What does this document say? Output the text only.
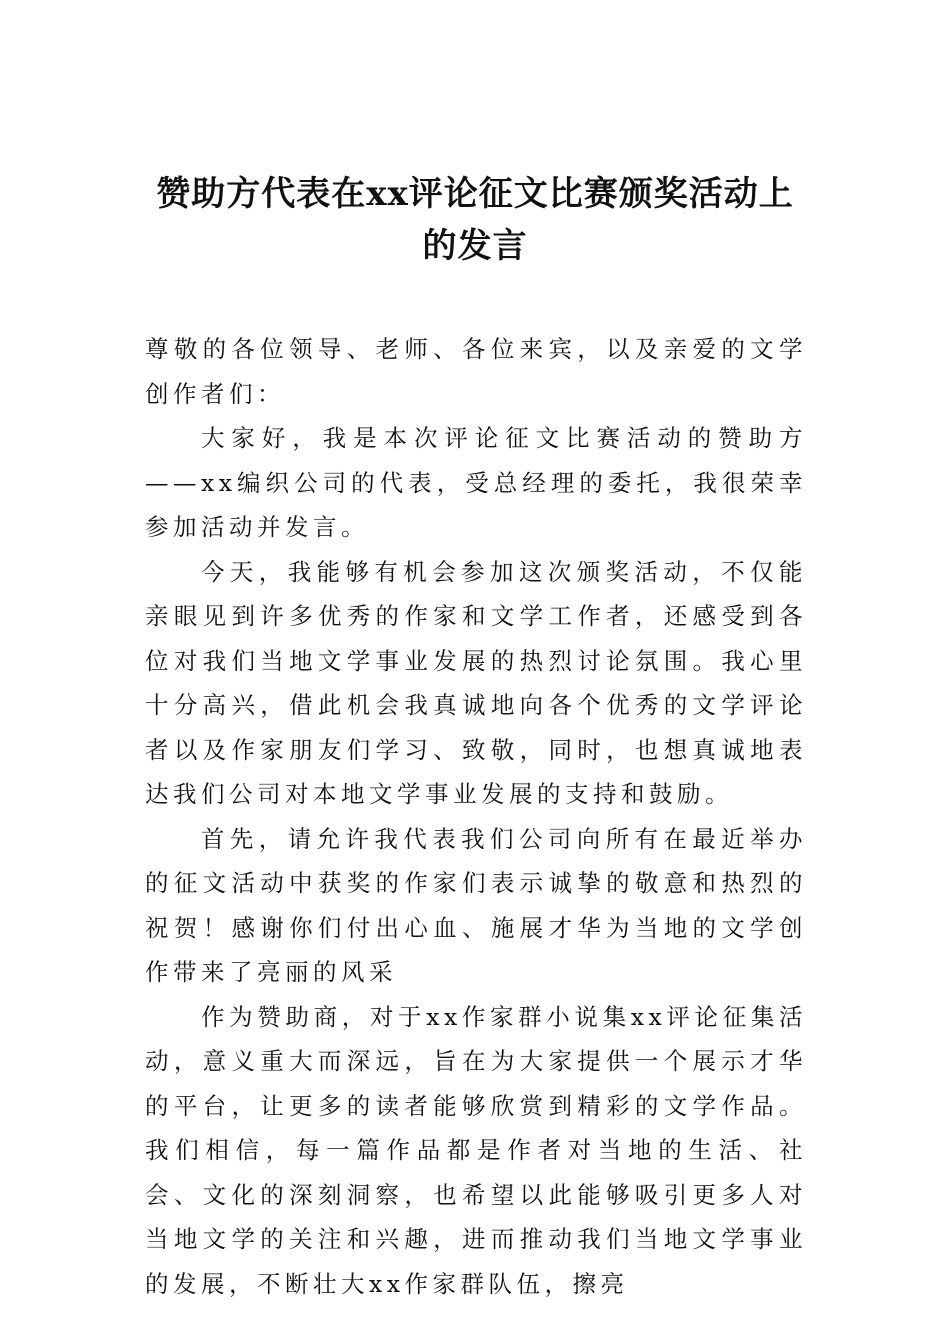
赞助方代表在xx评论征文比赛颁奖活动上的发言

尊敬的各位领导、老师、各位来宾，以及亲爱的文学创作者们：

大家好，我是本次评论征文比赛活动的赞助方——xx编织公司的代表，受总经理的委托，我很荣幸参加活动并发言。

今天，我能够有机会参加这次颁奖活动，不仅能亲眼见到许多优秀的作家和文学工作者，还感受到各位对我们当地文学事业发展的热烈讨论氛围。我心里十分高兴，借此机会我真诚地向各个优秀的文学评论者以及作家朋友们学习、致敬，同时，也想真诚地表达我们公司对本地文学事业发展的支持和鼓励。

首先，请允许我代表我们公司向所有在最近举办的征文活动中获奖的作家们表示诚挚的敬意和热烈的祝贺！感谢你们付出心血、施展才华为当地的文学创作带来了亮丽的风采

作为赞助商，对于xx作家群小说集xx评论征集活动，意义重大而深远，旨在为大家提供一个展示才华的平台，让更多的读者能够欣赏到精彩的文学作品。我们相信，每一篇作品都是作者对当地的生活、社会、文化的深刻洞察，也希望以此能够吸引更多人对当地文学的关注和兴趣，进而推动我们当地文学事业的发展，不断壮大xx作家群队伍，擦亮
